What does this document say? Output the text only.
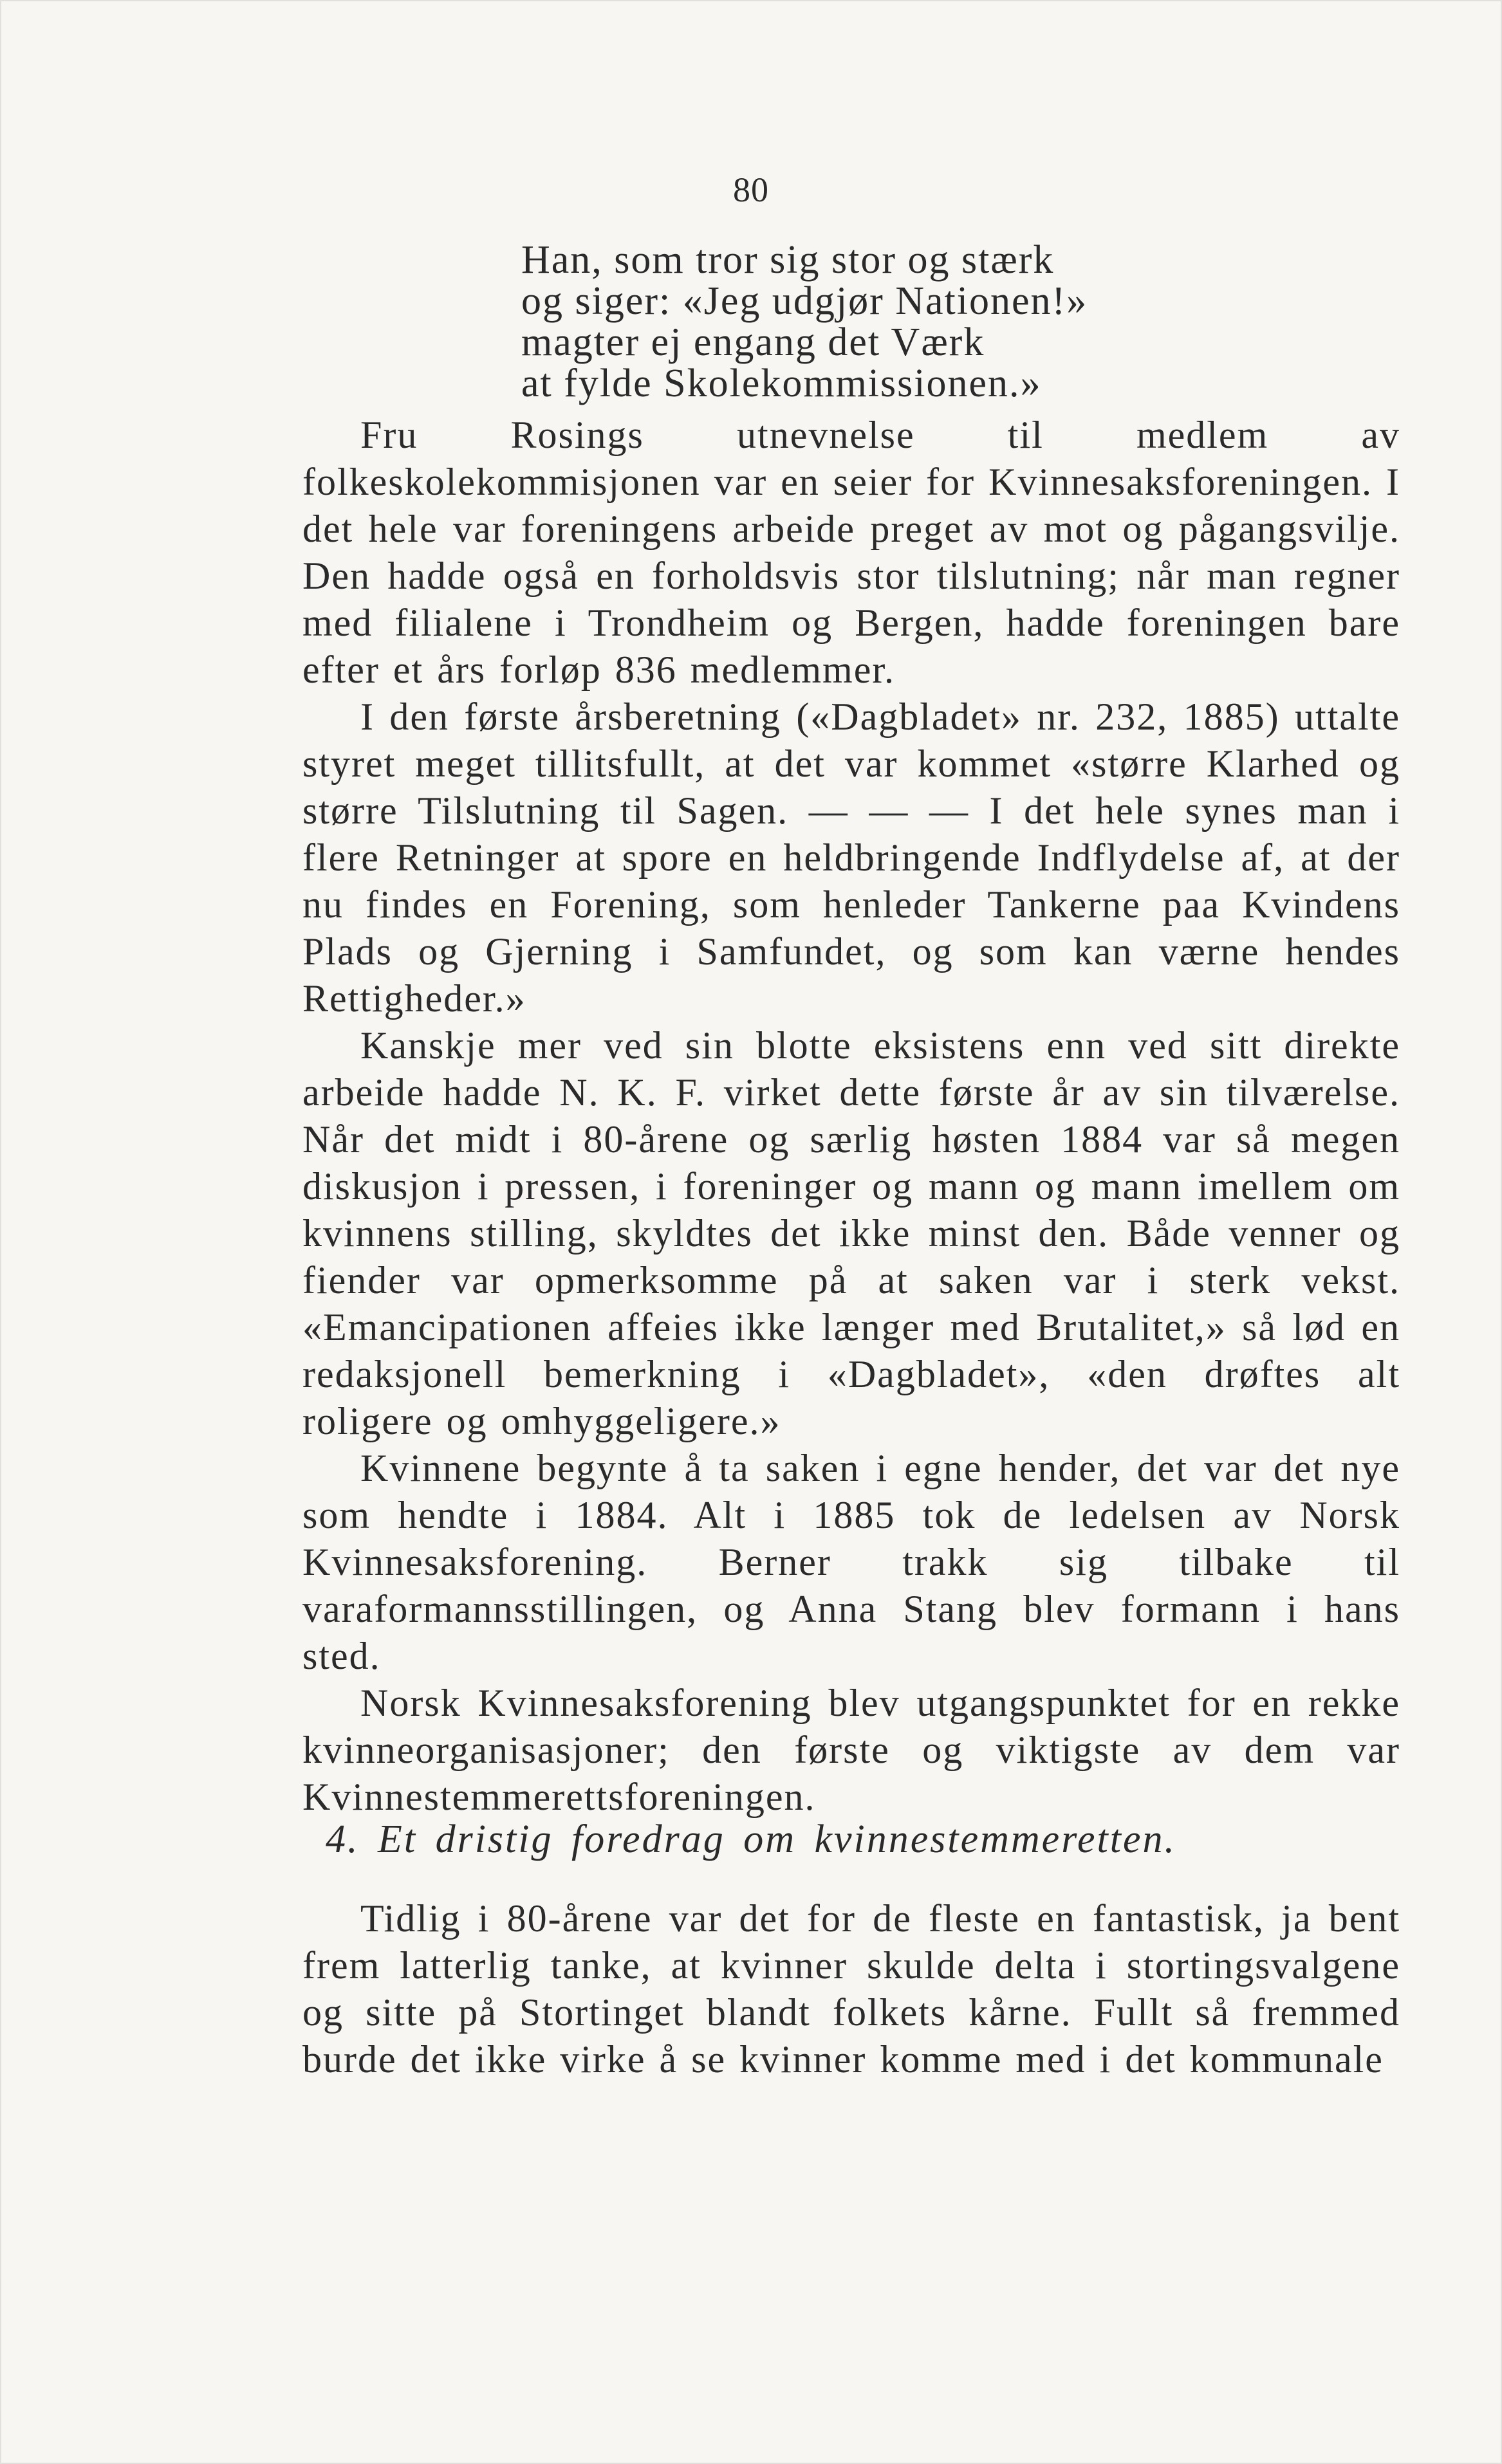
80
Han, som tror sig stor og stærk
og siger: «Jeg udgjør Nationen!»
magter ej engang det Værk
at fylde Skolekommissionen.»

Fru Rosings utnevnelse til medlem av folkeskolekommisjonen var en seier for Kvinnesaksforeningen. I det hele var foreningens arbeide preget av mot og pågangsvilje. Den hadde også en forholdsvis stor tilslutning; når man regner med filialene i Trondheim og Bergen, hadde foreningen bare efter et års forløp 836 medlemmer.

I den første årsberetning («Dagbladet» nr. 232, 1885) uttalte styret meget tillitsfullt, at det var kommet «større Klarhed og større Tilslutning til Sagen. — — — I det hele synes man i flere Retninger at spore en heldbringende Indflydelse af, at der nu findes en Forening, som henleder Tankerne paa Kvindens Plads og Gjerning i Samfundet, og som kan værne hendes Rettigheder.»

Kanskje mer ved sin blotte eksistens enn ved sitt direkte arbeide hadde N. K. F. virket dette første år av sin tilværelse. Når det midt i 80-årene og særlig høsten 1884 var så megen diskusjon i pressen, i foreninger og mann og mann imellem om kvinnens stilling, skyldtes det ikke minst den. Både venner og fiender var opmerksomme på at saken var i sterk vekst. «Emancipationen affeies ikke længer med Brutalitet,» så lød en redaksjonell bemerkning i «Dagbladet», «den drøftes alt roligere og omhyggeligere.»

Kvinnene begynte å ta saken i egne hender, det var det nye som hendte i 1884. Alt i 1885 tok de ledelsen av Norsk Kvinnesaksforening. Berner trakk sig tilbake til varaformannsstillingen, og Anna Stang blev formann i hans sted.

Norsk Kvinnesaksforening blev utgangspunktet for en rekke kvinneorganisasjoner; den første og viktigste av dem var Kvinnestemmerettsforeningen.

4. Et dristig foredrag om kvinnestemmeretten.

Tidlig i 80-årene var det for de fleste en fantastisk, ja bent frem latterlig tanke, at kvinner skulde delta i stortingsvalgene og sitte på Stortinget blandt folkets kårne. Fullt så fremmed burde det ikke virke å se kvinner komme med i det kommunale
